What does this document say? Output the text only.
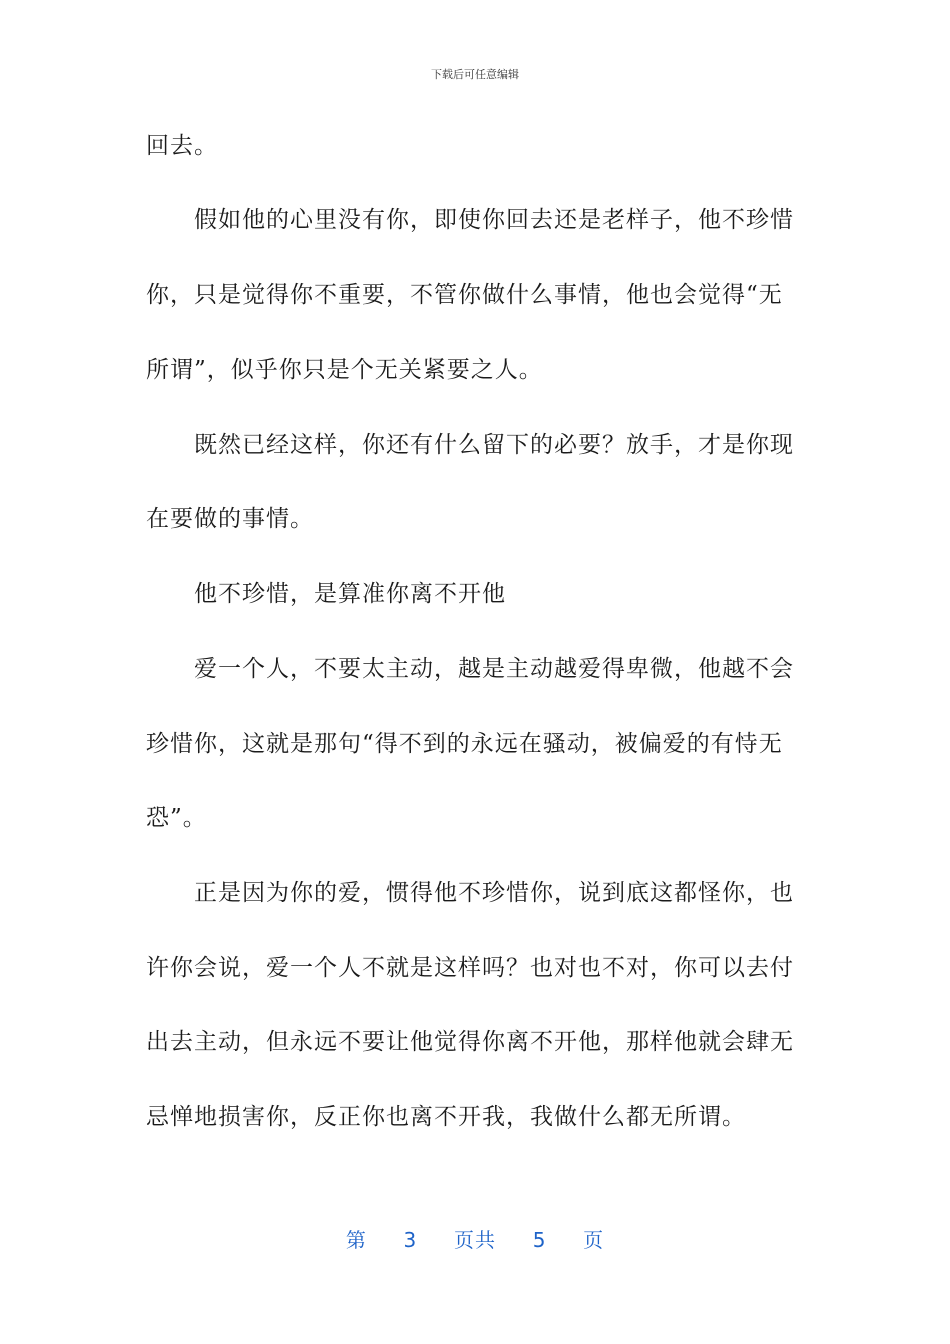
下载后可任意编辑
回去。
假如他的心里没有你，即使你回去还是老样子，他不珍惜
你，只是觉得你不重要，不管你做什么事情，他也会觉得“无
所谓”，似乎你只是个无关紧要之人。
既然已经这样，你还有什么留下的必要？放手，才是你现
在要做的事情。
他不珍惜，是算准你离不开他
爱一个人，不要太主动，越是主动越爱得卑微，他越不会
珍惜你，这就是那句“得不到的永远在骚动，被偏爱的有恃无
恐”。
正是因为你的爱，惯得他不珍惜你，说到底这都怪你，也
许你会说，爱一个人不就是这样吗？也对也不对，你可以去付
出去主动，但永远不要让他觉得你离不开他，那样他就会肆无
忌惮地损害你，反正你也离不开我，我做什么都无所谓。
第 3 页共 5 页
